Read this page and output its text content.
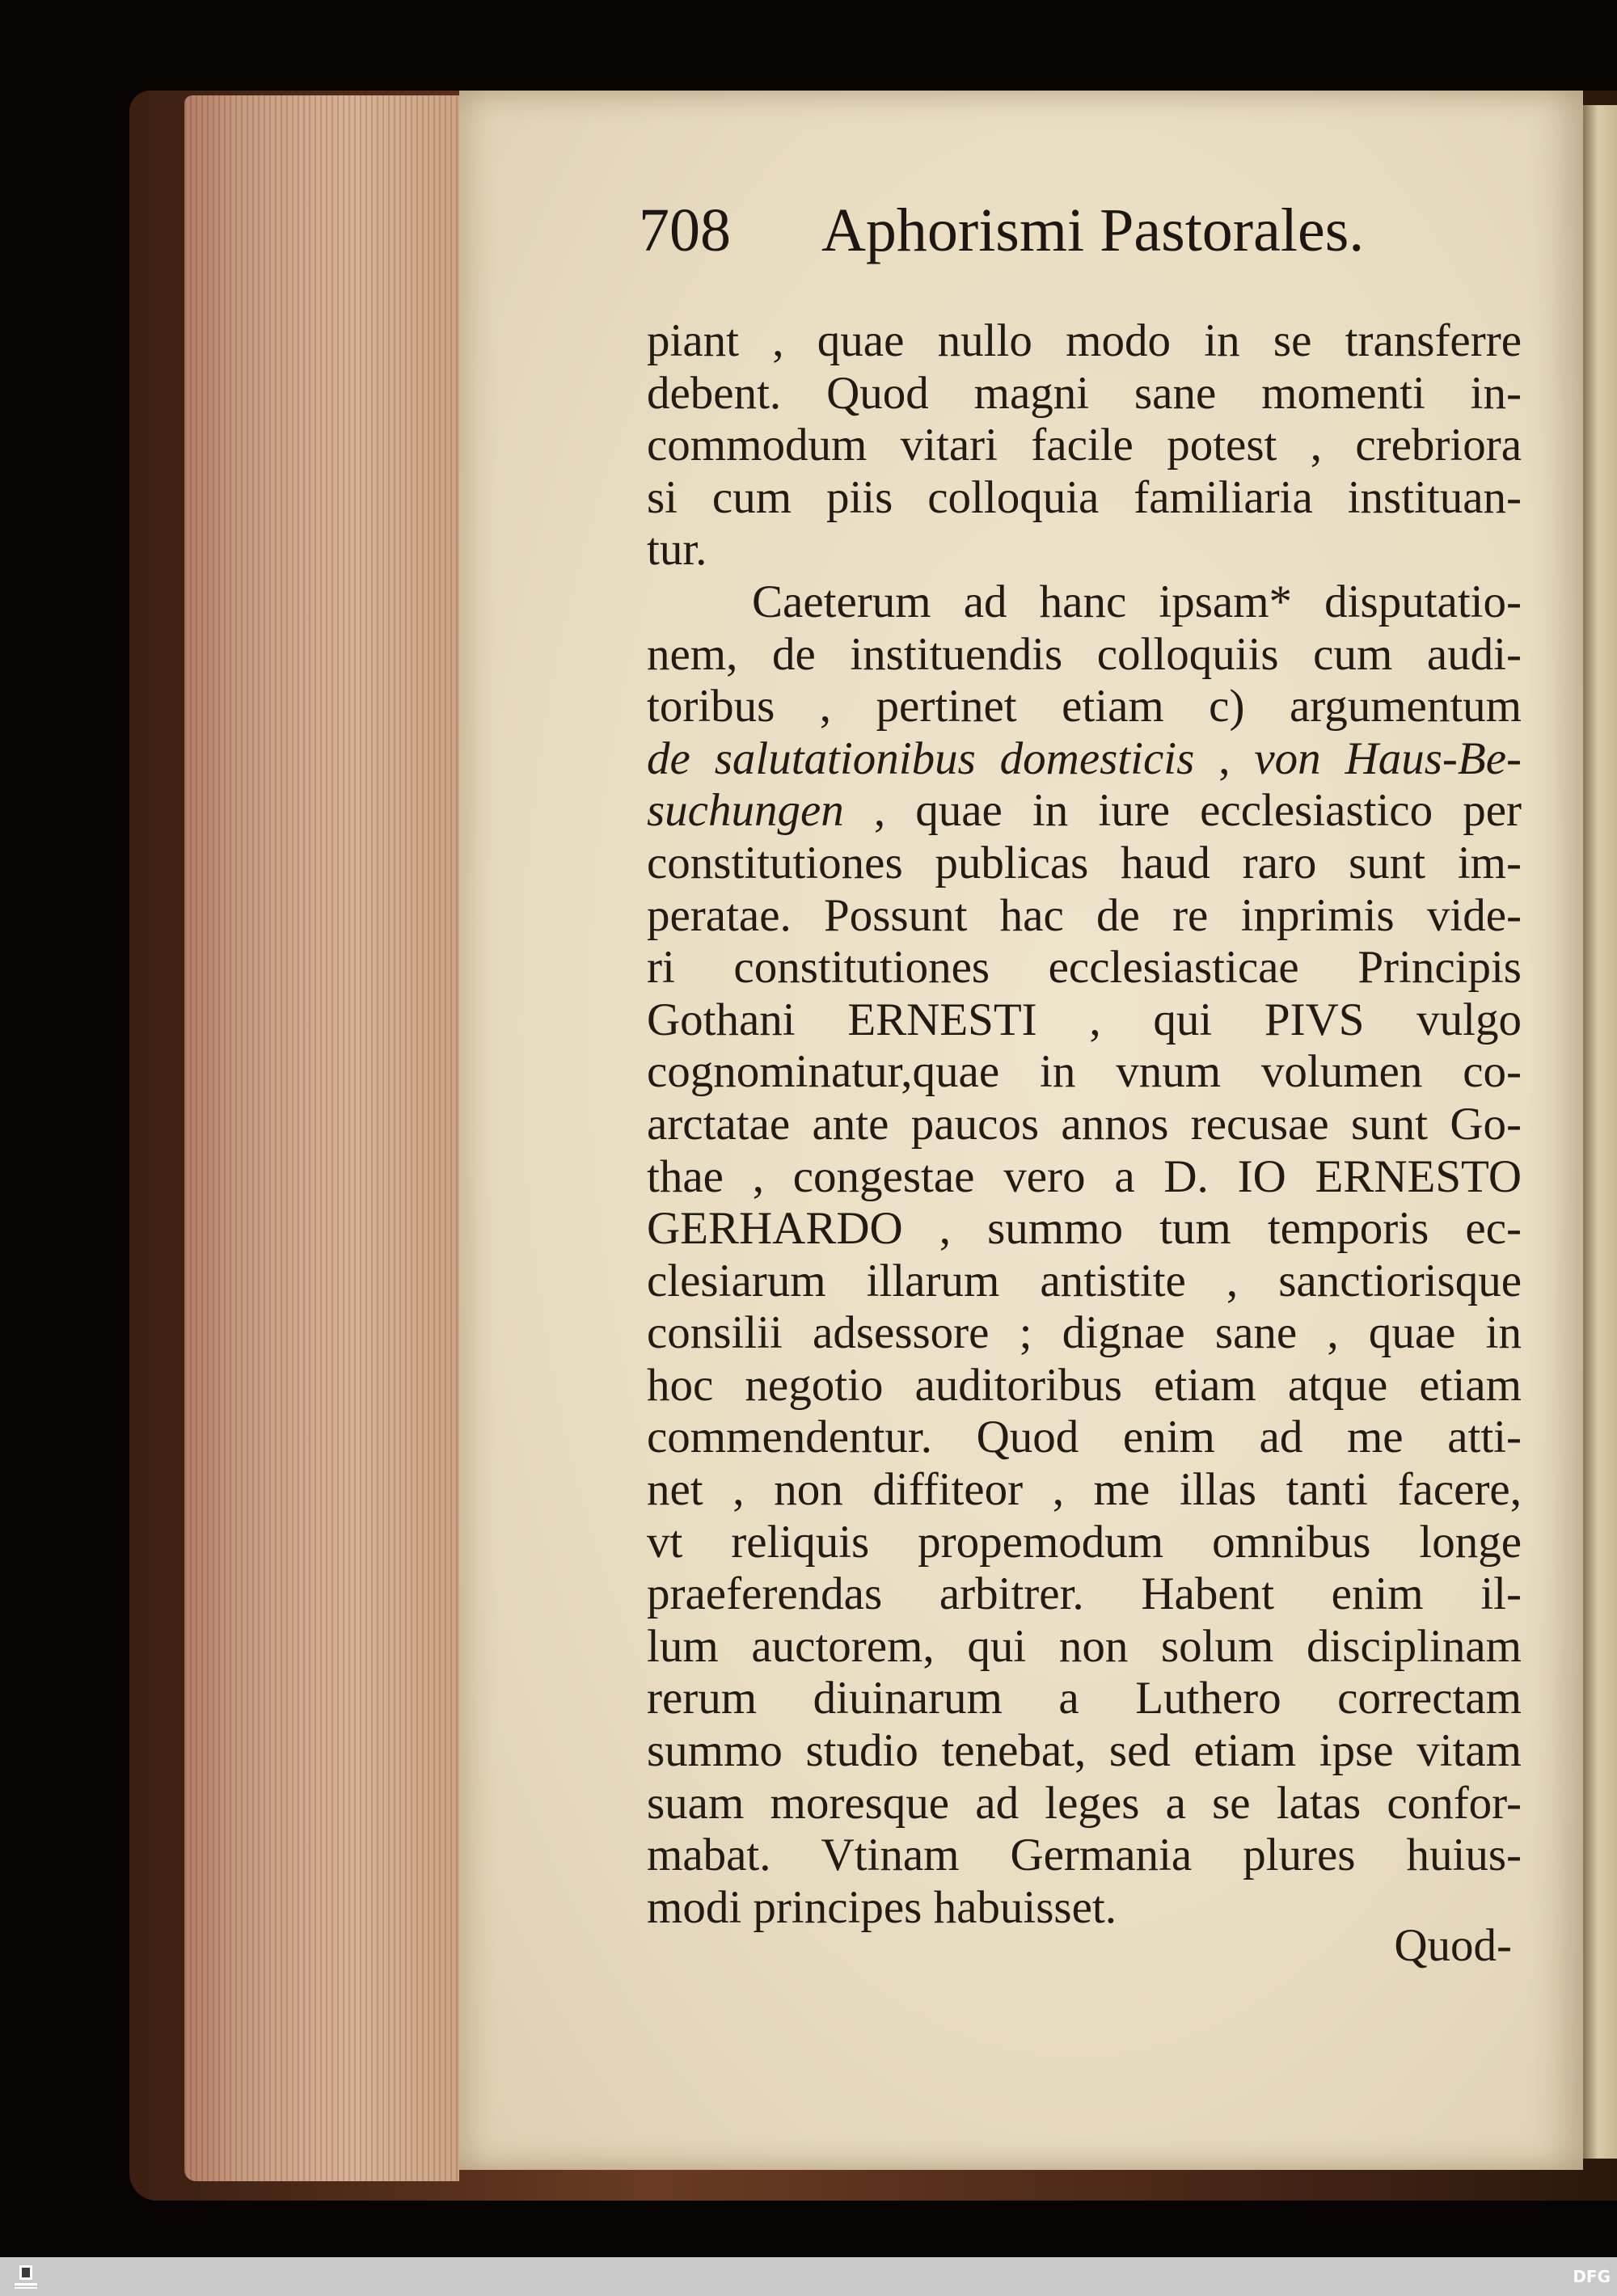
708 Aphorismi Pastorales.
piant , quae nullo modo in se transferre
debent. Quod magni sane momenti in-
commodum vitari facile potest , crebriora
si cum piis colloquia familiaria instituan-
tur.
Caeterum ad hanc ipsam* disputatio-
nem, de instituendis colloquiis cum audi-
toribus , pertinet etiam c) argumentum
de salutationibus domesticis , von Haus-Be-
suchungen , quae in iure ecclesiastico per
constitutiones publicas haud raro sunt im-
peratae. Possunt hac de re inprimis vide-
ri constitutiones ecclesiasticae Principis
Gothani ERNESTI , qui PIVS vulgo
cognominatur,quae in vnum volumen co-
arctatae ante paucos annos recusae sunt Go-
thae , congestae vero a D. IO ERNESTO
GERHARDO , summo tum temporis ec-
clesiarum illarum antistite , sanctiorisque
consilii adsessore ; dignae sane , quae in
hoc negotio auditoribus etiam atque etiam
commendentur. Quod enim ad me atti-
net , non diffiteor , me illas tanti facere,
vt reliquis propemodum omnibus longe
praeferendas arbitrer. Habent enim il-
lum auctorem, qui non solum disciplinam
rerum diuinarum a Luthero correctam
summo studio tenebat, sed etiam ipse vitam
suam moresque ad leges a se latas confor-
mabat. Vtinam Germania plures huius-
modi principes habuisset.
Quod-
DFG
